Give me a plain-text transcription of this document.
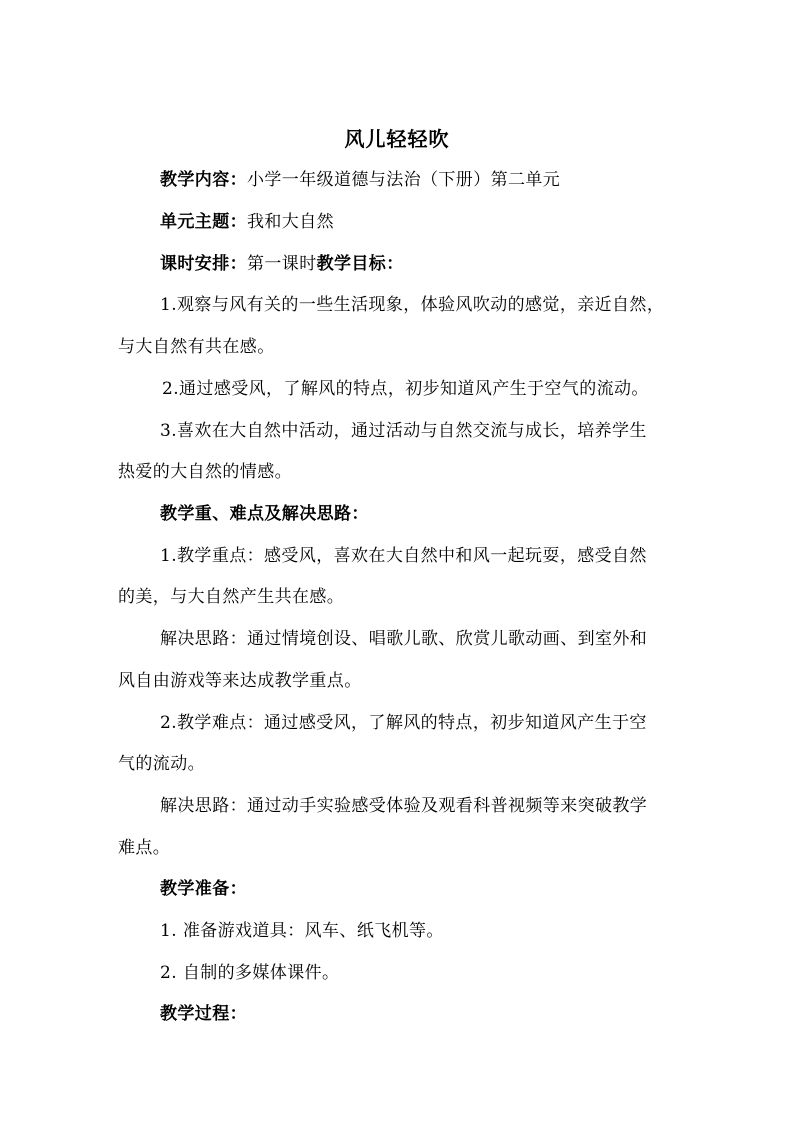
风儿轻轻吹
教学内容：小学一年级道德与法治（下册）第二单元
单元主题：我和大自然
课时安排：第一课时教学目标：
1.观察与风有关的一些生活现象，体验风吹动的感觉，亲近自然，
与大自然有共在感。
2.通过感受风，了解风的特点，初步知道风产生于空气的流动。
3.喜欢在大自然中活动，通过活动与自然交流与成长，培养学生
热爱的大自然的情感。
教学重、难点及解决思路：
1.教学重点：感受风，喜欢在大自然中和风一起玩耍，感受自然
的美，与大自然产生共在感。
解决思路：通过情境创设、唱歌儿歌、欣赏儿歌动画、到室外和
风自由游戏等来达成教学重点。
2.教学难点：通过感受风，了解风的特点，初步知道风产生于空
气的流动。
解决思路：通过动手实验感受体验及观看科普视频等来突破教学
难点。
教学准备：
1. 准备游戏道具：风车、纸飞机等。
2. 自制的多媒体课件。
教学过程：
